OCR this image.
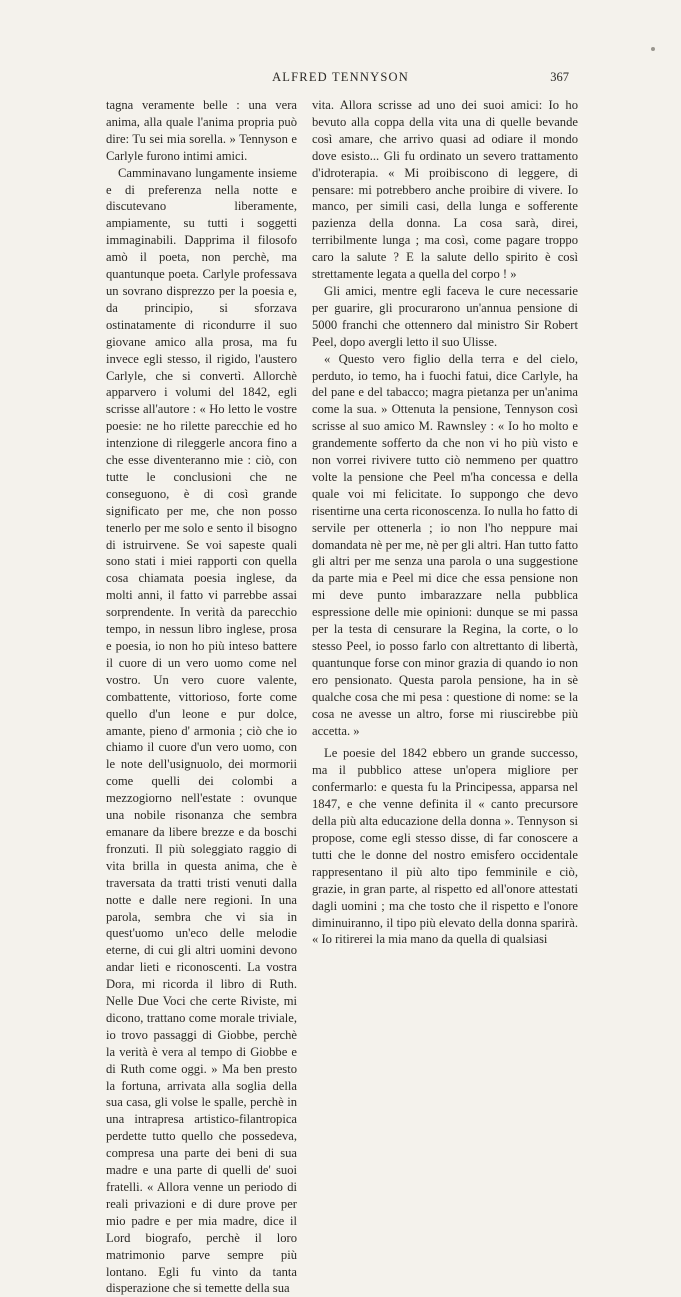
ALFRED TENNYSON	367

tagna veramente belle : una vera anima, alla quale l'anima propria può dire: Tu sei mia sorella. » Tennyson e Carlyle furono intimi amici.

Camminavano lungamente insieme e di preferenza nella notte e discutevano liberamente, ampiamente, su tutti i soggetti immaginabili. Dapprima il filosofo amò il poeta, non perchè, ma quantunque poeta. Carlyle professava un sovrano disprezzo per la poesia e, da principio, si sforzava ostinatamente di ricondurre il suo giovane amico alla prosa, ma fu invece egli stesso, il rigido, l'austero Carlyle, che si convertì. Allorchè apparvero i volumi del 1842, egli scrisse all'autore : « Ho letto le vostre poesie: ne ho rilette parecchie ed ho intenzione di rileggerle ancora fino a che esse diventeranno mie : ciò, con tutte le conclusioni che ne conseguono, è di così grande significato per me, che non posso tenerlo per me solo e sento il bisogno di istruirvene. Se voi sapeste quali sono stati i miei rapporti con quella cosa chiamata poesia inglese, da molti anni, il fatto vi parrebbe assai sorprendente. In verità da parecchio tempo, in nessun libro inglese, prosa e poesia, io non ho più inteso battere il cuore di un vero uomo come nel vostro. Un vero cuore valente, combattente, vittorioso, forte come quello d'un leone e pur dolce, amante, pieno d' armonia ; ciò che io chiamo il cuore d'un vero uomo, con le note dell'usignuolo, dei mormorii come quelli dei colombi a mezzogiorno nell'estate : ovunque una nobile risonanza che sembra emanare da libere brezze e da boschi fronzuti. Il più soleggiato raggio di vita brilla in questa anima, che è traversata da tratti tristi venuti dalla notte e dalle nere regioni. In una parola, sembra che vi sia in quest'uomo un'eco delle melodie eterne, di cui gli altri uomini devono andar lieti e riconoscenti. La vostra Dora, mi ricorda il libro di Ruth. Nelle Due Voci che certe Riviste, mi dicono, trattano come morale triviale, io trovo passaggi di Giobbe, perchè la verità è vera al tempo di Giobbe e di Ruth come oggi. » Ma ben presto la fortuna, arrivata alla soglia della sua casa, gli volse le spalle, perchè in una intrapresa artistico-filantropica perdette tutto quello che possedeva, compresa una parte dei beni di sua madre e una parte di quelli de' suoi fratelli. « Allora venne un periodo di reali privazioni e di dure prove per mio padre e per mia madre, dice il Lord biografo, perchè il loro matrimonio parve sempre più lontano. Egli fu vinto da tanta disperazione che si temette della sua

vita. Allora scrisse ad uno dei suoi amici: Io ho bevuto alla coppa della vita una di quelle bevande così amare, che arrivo quasi ad odiare il mondo dove esisto... Gli fu ordinato un severo trattamento d'idroterapia. « Mi proibiscono di leggere, di pensare: mi potrebbero anche proibire di vivere. Io manco, per simili casi, della lunga e sofferente pazienza della donna. La cosa sarà, direi, terribilmente lunga ; ma così, come pagare troppo caro la salute ? E la salute dello spirito è così strettamente legata a quella del corpo ! »

Gli amici, mentre egli faceva le cure necessarie per guarire, gli procurarono un'annua pensione di 5000 franchi che ottennero dal ministro Sir Robert Peel, dopo avergli letto il suo Ulisse.

« Questo vero figlio della terra e del cielo, perduto, io temo, ha i fuochi fatui, dice Carlyle, ha del pane e del tabacco; magra pietanza per un'anima come la sua. » Ottenuta la pensione, Tennyson così scrisse al suo amico M. Rawnsley : « Io ho molto e grandemente sofferto da che non vi ho più visto e non vorrei rivivere tutto ciò nemmeno per quattro volte la pensione che Peel m'ha concessa e della quale voi mi felicitate. Io suppongo che devo risentirne una certa riconoscenza. Io nulla ho fatto di servile per ottenerla ; io non l'ho neppure mai domandata nè per me, nè per gli altri. Han tutto fatto gli altri per me senza una parola o una suggestione da parte mia e Peel mi dice che essa pensione non mi deve punto imbarazzare nella pubblica espressione delle mie opinioni: dunque se mi passa per la testa di censurare la Regina, la corte, o lo stesso Peel, io posso farlo con altrettanto di libertà, quantunque forse con minor grazia di quando io non ero pensionato. Questa parola pensione, ha in sè qualche cosa che mi pesa : questione di nome: se la cosa ne avesse un altro, forse mi riuscirebbe più accetta. »

Le poesie del 1842 ebbero un grande successo, ma il pubblico attese un'opera migliore per confermarlo: e questa fu la Principessa, apparsa nel 1847, e che venne definita il « canto precursore della più alta educazione della donna ». Tennyson si propose, come egli stesso disse, di far conoscere a tutti che le donne del nostro emisfero occidentale rappresentano il più alto tipo femminile e ciò, grazie, in gran parte, al rispetto ed all'onore attestati dagli uomini ; ma che tosto che il rispetto e l'onore diminuiranno, il tipo più elevato della donna sparirà. « Io ritirerei la mia mano da quella di qualsiasi
